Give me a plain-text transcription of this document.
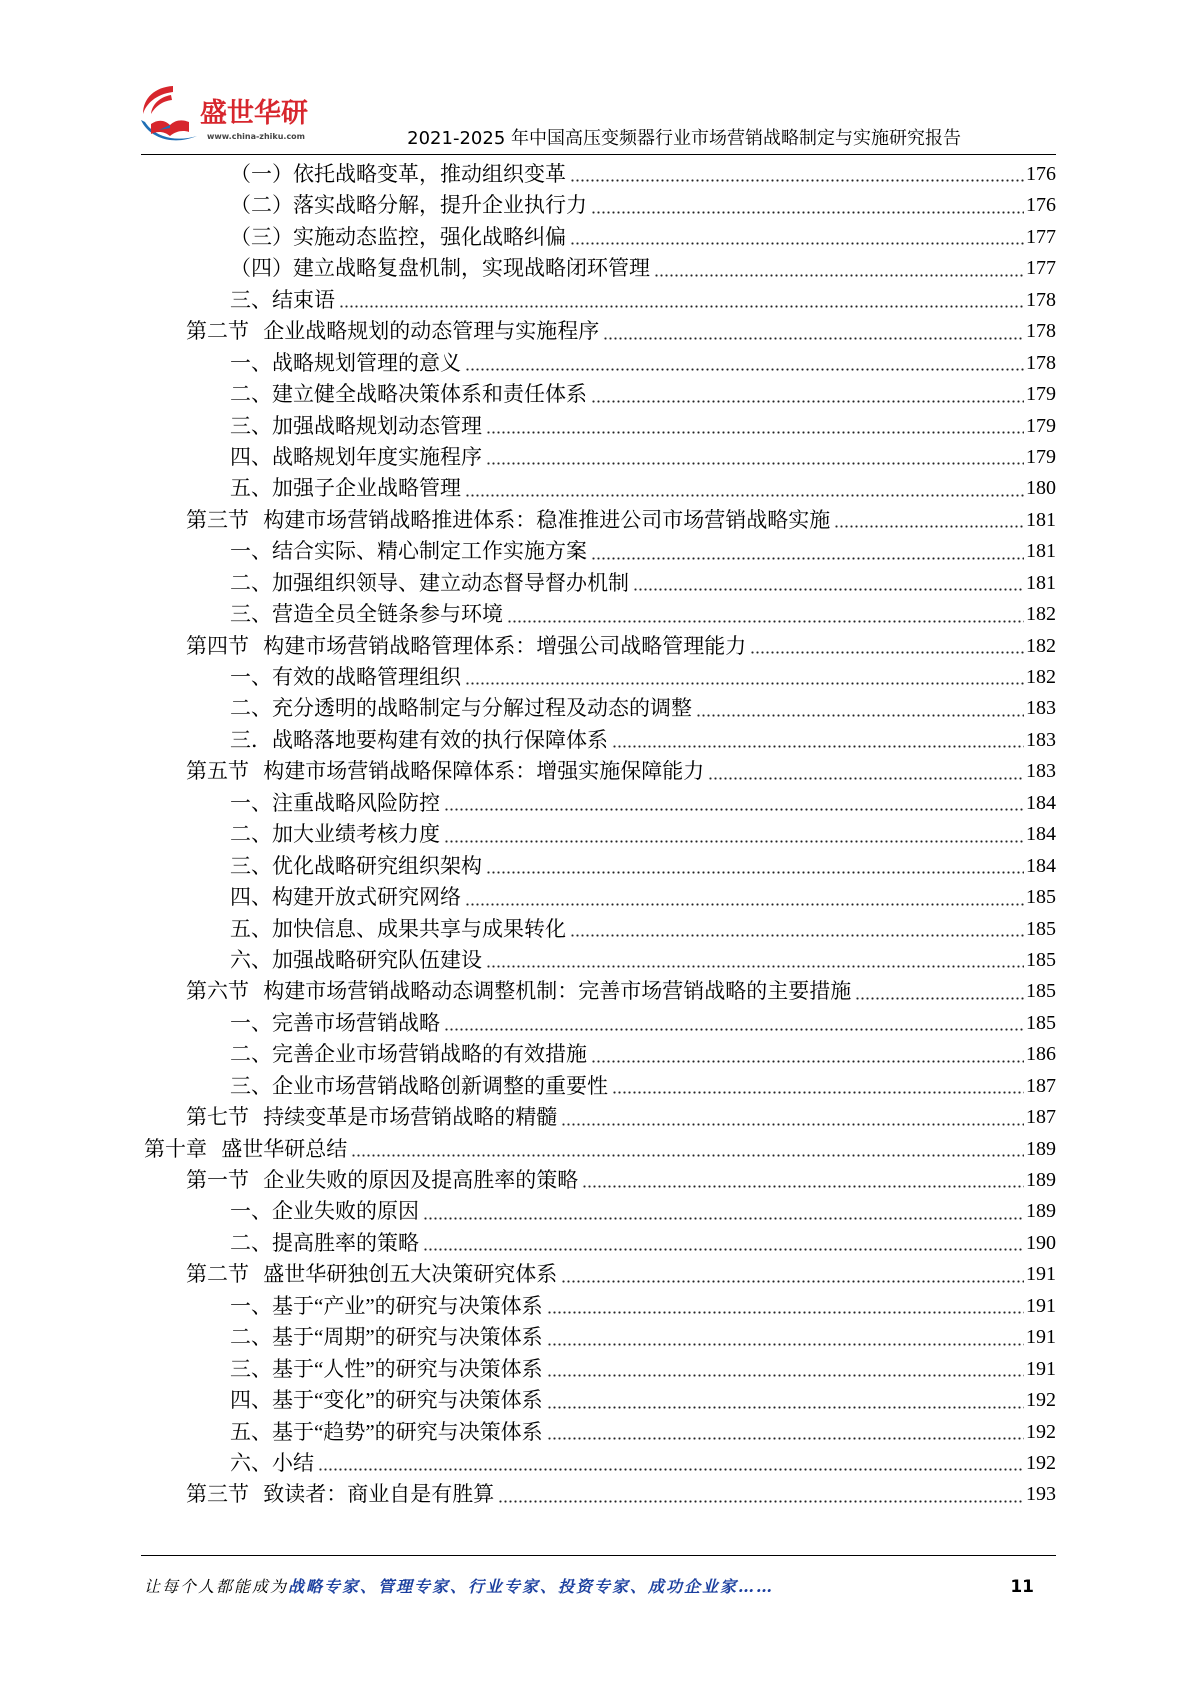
盛世华研
www.china-zhiku.com	2021-2025 年中国高压变频器行业市场营销战略制定与实施研究报告
（一）依托战略变革，推动组织变革	176
（二）落实战略分解，提升企业执行力	176
（三）实施动态监控，强化战略纠偏	177
（四）建立战略复盘机制，实现战略闭环管理	177
三、结束语	178
第二节 企业战略规划的动态管理与实施程序	178
一、战略规划管理的意义	178
二、建立健全战略决策体系和责任体系	179
三、加强战略规划动态管理	179
四、战略规划年度实施程序	179
五、加强子企业战略管理	180
第三节 构建市场营销战略推进体系：稳准推进公司市场营销战略实施	181
一、结合实际、精心制定工作实施方案	181
二、加强组织领导、建立动态督导督办机制	181
三、营造全员全链条参与环境	182
第四节 构建市场营销战略管理体系：增强公司战略管理能力	182
一、有效的战略管理组织	182
二、充分透明的战略制定与分解过程及动态的调整	183
三．战略落地要构建有效的执行保障体系	183
第五节 构建市场营销战略保障体系：增强实施保障能力	183
一、注重战略风险防控	184
二、加大业绩考核力度	184
三、优化战略研究组织架构	184
四、构建开放式研究网络	185
五、加快信息、成果共享与成果转化	185
六、加强战略研究队伍建设	185
第六节 构建市场营销战略动态调整机制：完善市场营销战略的主要措施	185
一、完善市场营销战略	185
二、完善企业市场营销战略的有效措施	186
三、企业市场营销战略创新调整的重要性	187
第七节 持续变革是市场营销战略的精髓	187
第十章 盛世华研总结	189
第一节 企业失败的原因及提高胜率的策略	189
一、企业失败的原因	189
二、提高胜率的策略	190
第二节 盛世华研独创五大决策研究体系	191
一、基于“产业”的研究与决策体系	191
二、基于“周期”的研究与决策体系	191
三、基于“人性”的研究与决策体系	191
四、基于“变化”的研究与决策体系	192
五、基于“趋势”的研究与决策体系	192
六、小结	192
第三节 致读者：商业自是有胜算	193
让每个人都能成为战略专家、管理专家、行业专家、投资专家、成功企业家……	11
